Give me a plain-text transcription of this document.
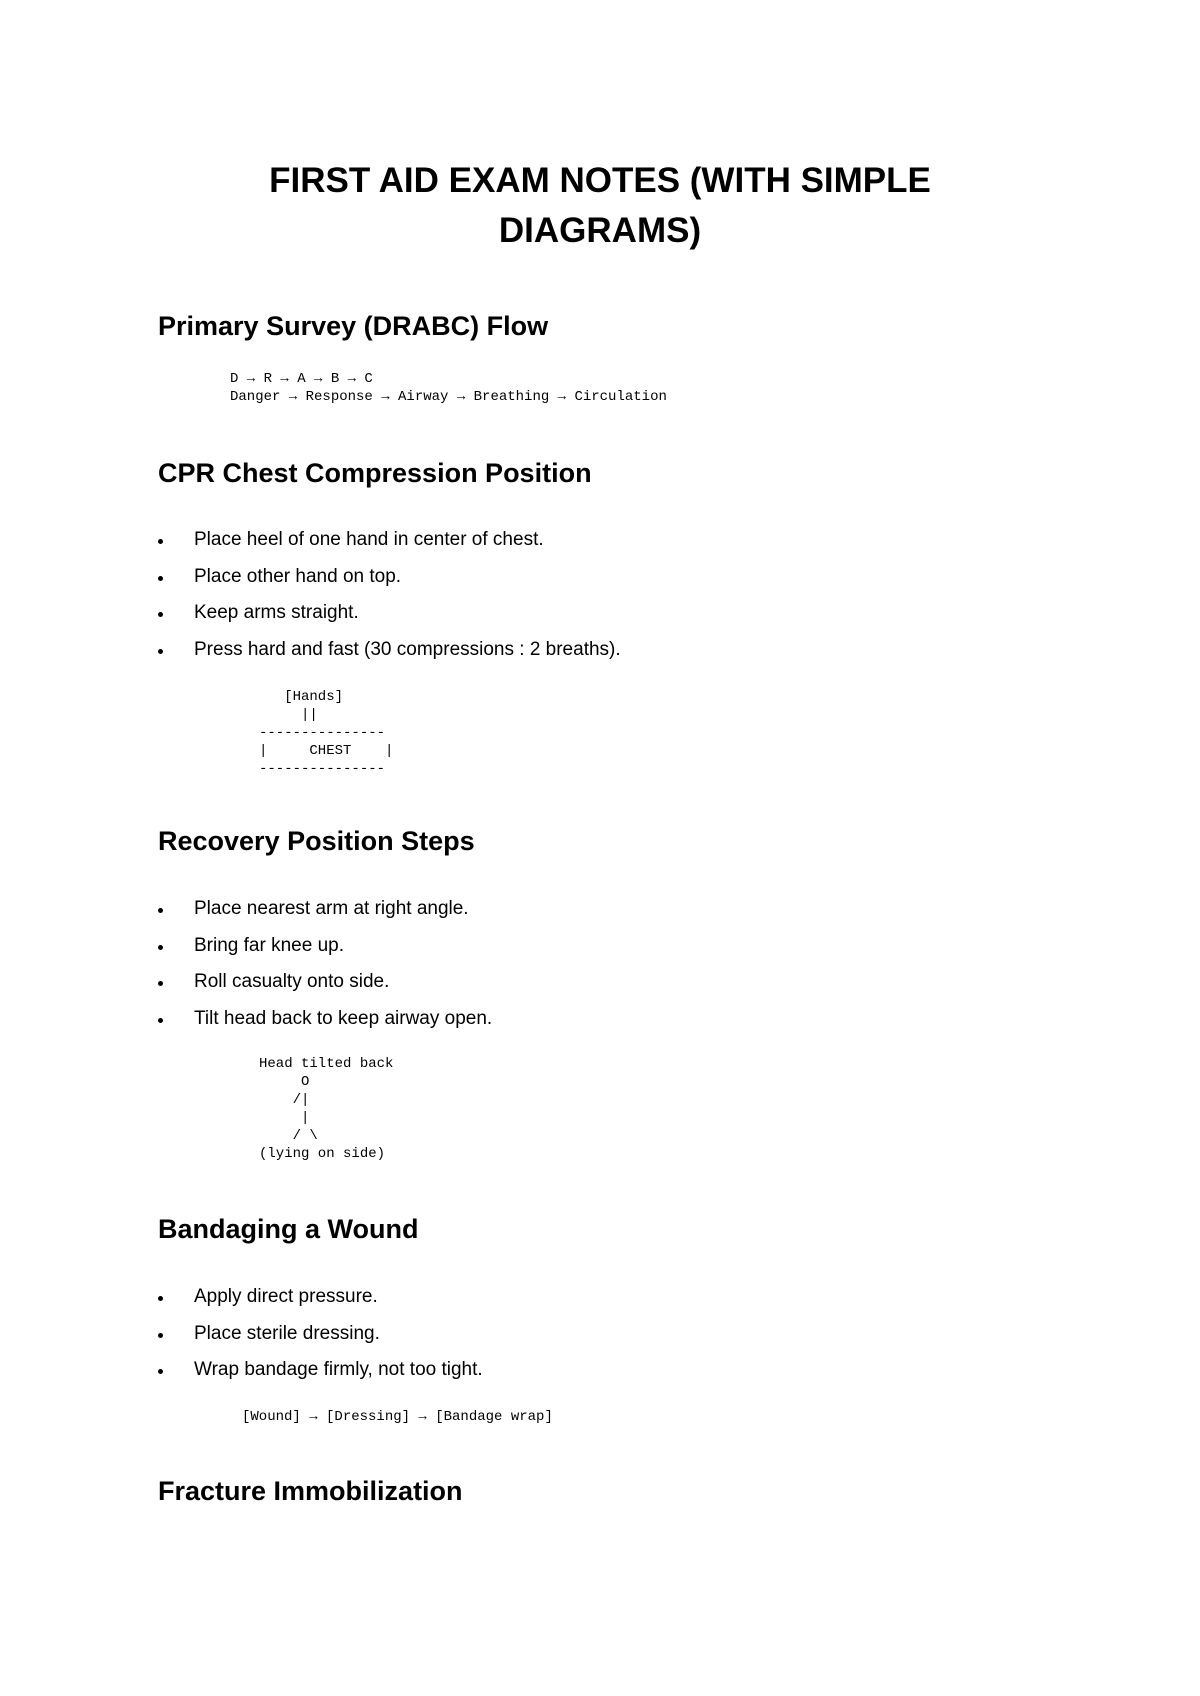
FIRST AID EXAM NOTES (WITH SIMPLE DIAGRAMS)
Primary Survey (DRABC) Flow
D → R → A → B → C
Danger → Response → Airway → Breathing → Circulation
CPR Chest Compression Position
Place heel of one hand in center of chest.
Place other hand on top.
Keep arms straight.
Press hard and fast (30 compressions : 2 breaths).
[Hands]
||
---------------
|     CHEST    |
---------------
Recovery Position Steps
Place nearest arm at right angle.
Bring far knee up.
Roll casualty onto side.
Tilt head back to keep airway open.
Head tilted back
O
/|
|
/ \
(lying on side)
Bandaging a Wound
Apply direct pressure.
Place sterile dressing.
Wrap bandage firmly, not too tight.
[Wound] → [Dressing] → [Bandage wrap]
Fracture Immobilization
